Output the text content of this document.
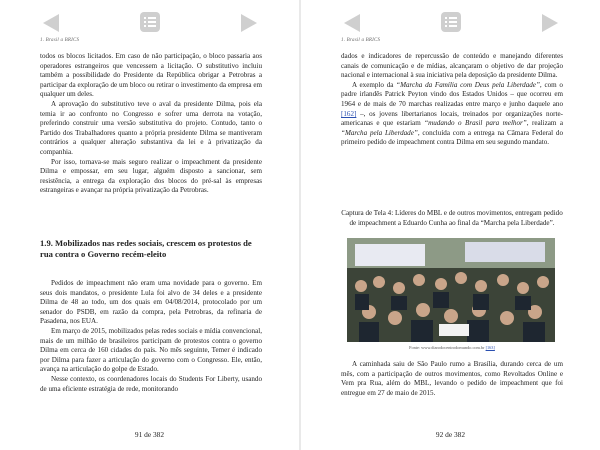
1. Brasil a BRICS

todos os blocos licitados. Em caso de não participação, o bloco passaria aos operadores estrangeiros que vencessem a licitação. O substitutivo incluiu também a possibilidade do Presidente da República obrigar a Petrobras a participar da exploração de um bloco ou retirar o investimento da empresa em qualquer um deles.

A aprovação do substitutivo teve o aval da presidente Dilma, pois ela temia ir ao confronto no Congresso e sofrer uma derrota na votação, preferindo construir uma versão substitutiva do projeto. Contudo, tanto o Partido dos Trabalhadores quanto a própria presidente Dilma se mantiveram contrários a qualquer alteração substantiva da lei e à privatização da companhia.

Por isso, tornava-se mais seguro realizar o impeachment da presidente Dilma e empossar, em seu lugar, alguém disposto a sancionar, sem resistência, a entrega da exploração dos blocos do pré-sal às empresas estrangeiras e avançar na própria privatização da Petrobras.

1.9. Mobilizados nas redes sociais, crescem os protestos de rua contra o Governo recém-eleito

Pedidos de impeachment não eram uma novidade para o governo. Em seus dois mandatos, o presidente Lula foi alvo de 34 deles e a presidente Dilma de 48 ao todo, um dos quais em 04/08/2014, protocolado por um senador do PSDB, em razão da compra, pela Petrobras, da refinaria de Pasadena, nos EUA.

Em março de 2015, mobilizados pelas redes sociais e mídia convencional, mais de um milhão de brasileiros participam de protestos contra o governo Dilma em cerca de 160 cidades do país. No mês seguinte, Temer é indicado por Dilma para fazer a articulação do governo com o Congresso. Ele, então, avança na articulação do golpe de Estado.

Nesse contexto, os coordenadores locais do Students For Liberty, usando de uma eficiente estratégia de rede, monitorando

91 de 382
1. Brasil a BRICS

dados e indicadores de repercussão de conteúdo e manejando diferentes canais de comunicação e de mídias, alcançaram o objetivo de dar projeção nacional e internacional à sua iniciativa pela deposição da presidente Dilma.

A exemplo da “Marcha da Família com Deus pela Liberdade”, com o padre irlandês Patrick Peyton vindo dos Estados Unidos – que ocorreu em 1964 e de mais de 70 marchas realizadas entre março e junho daquele ano [162] –, os jovens libertarianos locais, treinados por organizações norte-americanas e que estariam “mudando o Brasil para melhor”, realizam a “Marcha pela Liberdade”, concluída com a entrega na Câmara Federal do primeiro pedido de impeachment contra Dilma em seu segundo mandato.

Captura de Tela 4: Líderes do MBL e de outros movimentos, entregam pedido de impeachment a Eduardo Cunha ao final da “Marcha pela Liberdade”.
Fonte: www.diarodocentrodomundo.com.br [163]

A caminhada saiu de São Paulo rumo a Brasília, durando cerca de um mês, com a participação de outros movimentos, como Revoltados Online e Vem pra Rua, além do MBL, levando o pedido de impeachment que foi entregue em 27 de maio de 2015.

92 de 382
